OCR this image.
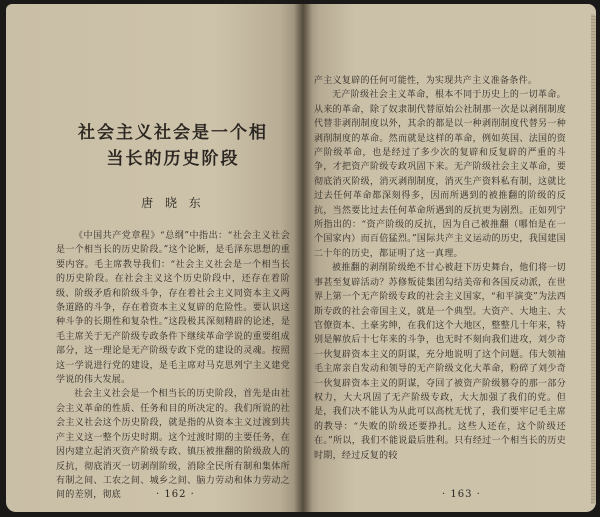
社会主义社会是一个相
当长的历史阶段
唐 晓 东

《中国共产党章程》“总纲”中指出：“社会主义社会是一个相当长的历史阶段。”这个论断，是毛泽东思想的重要内容。毛主席教导我们：“社会主义社会是一个相当长的历史阶段。在社会主义这个历史阶段中，还存在着阶级、阶级矛盾和阶级斗争，存在着社会主义同资本主义两条道路的斗争，存在着资本主义复辟的危险性。要认识这种斗争的长期性和复杂性。”这段极其深刻精辟的论述，是毛主席关于无产阶级专政条件下继续革命学说的重要组成部分，这一理论是无产阶级专政下党的建设的灵魂。按照这一学说进行党的建设，是毛主席对马克思列宁主义建党学说的伟大发展。

社会主义社会是一个相当长的历史阶段，首先是由社会主义革命的性质、任务和目的所决定的。我们所说的社会主义社会这个历史阶段，就是指的从资本主义过渡到共产主义这一整个历史时期。这个过渡时期的主要任务，在因内建立起消灭资产阶级专政、镇压被推翻的阶级敌人的反抗，彻底消灭一切剥削阶级，消除全民所有制和集体所有制之间、工农之间、城乡之间、脑力劳动和体力劳动之间的差别，彻底	· 162 ·

产主义复辟的任何可能性，为实现共产主义准备条件。

无产阶级社会主义革命，根本不同于历史上的一切革命。从来的革命，除了奴隶制代替原始公社制那一次是以剥削制度代替非剥削制度以外，其余的都是以一种剥削制度代替另一种剥削制度的革命。然而就是这样的革命，例如英国、法国的资产阶级革命，也是经过了多少次的复辟和反复辟的严重的斗争，才把资产阶级专政巩固下来。无产阶级社会主义革命，要彻底消灭阶级，消灭剥削制度，消灭生产资料私有制，这就比过去任何革命都深刻得多，因而所遇到的被推翻的阶级的反抗，当然要比过去任何革命所遇到的反抗更为剧烈。正如列宁所指出的：“资产阶级的反抗，因为自己被推翻（哪怕是在一个国家内）而百倍猛烈。”国际共产主义运动的历史，我国建国二十年的历史，都证明了这一真理。

被推翻的剥削阶级绝不甘心被赶下历史舞台，他们将一切事甚至复辟活动？苏修叛徒集团勾结美帝和各国反动派，在世界上第一个无产阶级专政的社会主义国家，“和平演变”为法西斯专政的社会帝国主义，就是一个典型。大资产、大地主、大官僚资本、土豪劣绅，在我们这个大地区，整整几十年来，特别是解放后十七年来的斗争，也无时不刻向我们进攻，刘少奇一伙复辟资本主义的阴谋，充分地说明了这个问题。伟大领袖毛主席亲自发动和领导的无产阶级文化大革命，粉碎了刘少奇一伙复辟资本主义的阴谋，夺回了被资产阶级篡夺的那一部分权力，大大巩固了无产阶级专政，大大加强了我们的党。但是，我们决不能认为从此可以高枕无忧了，我们要牢记毛主席的教导：“失败的阶级还要挣扎。这些人还在，这个阶级还在。”所以，我们不能说最后胜利。只有经过一个相当长的历史时期，经过反复的较

· 163 ·
